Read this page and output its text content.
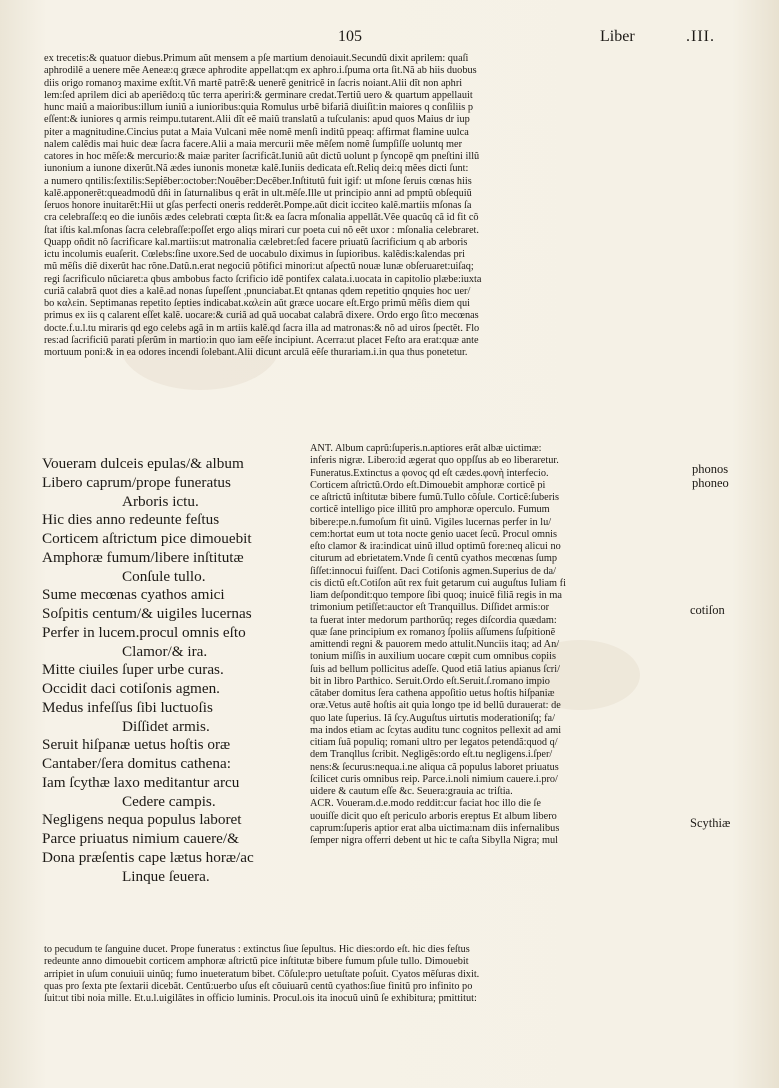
105	Liber	.III.
ex trecetis:& quatuor diebus.Primum aũt mensem a pſe martium denoiauit.Secundũ dixit aprilem: quaſi
aphrodilẽ a uenere mẽe Aeneæ:q græce aphrodite appellat:qm ex aphro.i.ſpuma orta ſit.Nã ab hiis duobus
diis origo romanoȝ maxime exſtit.Vñ martẽ patrẽ:& uenerẽ genitricẽ in ſacris noiant.Alii dĩt non aphri
lem:ſed aprilem dici ab aperiẽdo:q tũc terra aperiri:& germinare credat.Tertiũ uero & quartum appellauit
hunc maiũ a maioribus:illum iuniũ a iunioribus:quia Romulus urbẽ bifariã diuiſit:in maiores q conſiliis p
eſſent:& iuniores q armis reimpu.tutarent.Alii dĩt eẽ maiũ translatũ a tuſculanis: apud quos Maius dr iup
piter a magnitudine.Cincius putat a Maia Vulcani mẽe nomẽ menſi inditũ ppeaq: affirmat flamine uulca
nalem calẽdis mai huic deæ ſacra facere.Alii a maia mercurii mẽe mẽſem nomẽ ſumpſiſſe uoluntq mer
catores in hoc mẽſe:& mercurio:& maiæ pariter ſacrificãt.Iuniũ aũt dictũ uolunt p ſyncopẽ qm pneſtini illũ
iunonium a iunone dixerũt.Nã ædes iunonis monetæ kalẽ.Iuniis dedicata eſt.Reliq dei:q mẽes dicti ſunt:
a numero qntilis:ſextilis:Sepṫẽber:october:Nouẽber:Decẽber.Inſtitutũ fuit igif: ut mſone ſeruis cœnas hiis
kalẽ.apponerẽt:queadmodũ dñi in ſaturnalibus q erãt in ult.mẽſe.Ille ut principio anni ad pmptũ obſequiũ
ſeruos honore inuitarẽt:Hii ut gſas perfecti oneris redderẽt.Pompe.aũt dicit icciteo kalẽ.martiis mſonas ſa
cra celebraſſe:q eo die iunõis ædes celebrati cœpta ſit:& ea ſacra mſonalia appellãt.Vẽe quacũq cã id fit cõ
ſtat iſtis kal.mſonas ſacra celebraſſe:poſſet ergo aliqs mirari cur poeta cui nõ eẽt uxor : mſonalia celebraret.
Quapp oñdit nõ ſacrificare kal.martiis:ut matronalia cælebret:ſed facere priuatũ ſacrificium q ab arboris
ictu incolumis euaſerit. Cœlebs:ſine uxore.Sed de uocabulo diximus in ſupioribus. kalẽdis:kalendas pri
mũ mẽſis diẽ dixerũt hac rõne.Datũ.n.erat negociũ põtifici minori:ut aſpectũ nouæ lunæ obſeruaret:uiſaq;
regi ſacrificulo nũciaret:a qbus ambobus facto ſcrificio idẽ pontifex calata.i.uocata in capitolio plæbe:iuxta
curiã calabrã quot dies a kalẽ.ad nonas ſupeſſent ,pnunciabat.Et qntanas qdem repetitio qnquies hoc uer/
bo καλεin. Septimanas repetito ſepties indicabat.καλεin aũt græce uocare eſt.Ergo primũ mẽſis diem qui
primus ex iis q calarent eſſet kalẽ. uocare:& curiã ad quã uocabat calabrã dixere. Ordo ergo ſit:o mecœnas
docte.f.u.l.tu miraris qd ego celebs agã in m artiis kalẽ.qd ſacra illa ad matronas:& nõ ad uiros ſpectẽt. Flo
res:ad ſacrificiũ parati pſerũm in martio:in quo iam eẽſe incipiunt. Acerra:ut placet Feſto ara erat:quæ ante
mortuum poni:& in ea odores incendi ſolebant.Alii dicunt arculã eẽſe thurariam.i.in qua thus ponetetur.
Voueram dulceis epulas/& album
Libero caprum/prope funeratus
Arboris ictu.
Hic dies anno redeunte feſtus
Corticem aſtrictum pice dimouebit
Amphoræ fumum/libere inſtitutæ
Conſule tullo.
Sume mecœnas cyathos amici
Soſpitis centum/& uigiles lucernas
Perfer in lucem.procul omnis eſto
Clamor/& ira.
Mitte ciuiles ſuper urbe curas.
Occidit daci cotiſonis agmen.
Medus infeſſus ſibi luctuoſis
Diſſidet armis.
Seruit hiſpanæ uetus hoſtis oræ
Cantaber/ſera domitus cathena:
Iam ſcythæ laxo meditantur arcu
Cedere campis.
Negligens nequa populus laboret
Parce priuatus nimium cauere/&
Dona præſentis cape lætus horæ/ac
Linque ſeuera.
ANT. Album caprũ:ſuperis.n.aptiores erãt albæ uictimæ:
inferis nigræ. Libero:id ægerat quo oppſſus ab eo liberaretur.
Funeratus.Extinctus a φονος qd eſt cædes.φονὴ interfecio.
Corticem aſtrictũ.Ordo eſt.Dimouebit amphoræ corticẽ pi
ce aſtrictũ inſtitutæ bibere fumũ.Tullo cõſule. Corticẽ:ſuberis
corticẽ intelligo pice illitũ pro amphoræ operculo. Fumum
bibere:pe.n.fumoſum fit uinũ. Vigiles lucernas perfer in lu/
cem:hortat eum ut tota nocte genio uacet ſecũ. Procul omnis
eſto clamor & ira:indicat uinũ illud optimũ fore:neq alicui no
citurum ad ebrietatem.Vnde ſi centũ cyathos mecœnas ſump
ſiſſet:innocui fuiſſent. Daci Cotiſonis agmen.Superius de da/
cis dictũ eſt.Cotiſon aũt rex fuit getarum cui auguſtus Iuliam fi
liam deſpondit:quo tempore ſibi quoq; inuicẽ filiã regis in ma
trimonium petiſſet:auctor eſt Tranquillus. Diſſidet armis:or
ta fuerat inter medorum parthorũq; reges diſcordia quædam:
quæ ſane principium ex romanoȝ ſpoliis aſſumens ſuſpitionẽ
amittendi regni & pauorem medo attulit.Nunciis itaq; ad An/
tonium miſſis in auxilium uocare cœpit cum omnibus copiis
ſuis ad bellum pollicitus adeſſe. Quod etiã latius apianus ſcri/
bit in libro Parthico. Seruit.Ordo eſt.Seruit.ſ.romano impio
cãtaber domitus ſera cathena appoſitio uetus hoſtis hiſpaniæ
oræ.Vetus autẽ hoſtis ait quia longo tpe id bellũ durauerat: de
quo late ſuperius. Iã ſcy.Auguſtus uirtutis moderationiſq; fa/
ma indos etiam ac ſcytas auditu tunc cognitos pellexit ad ami
citiam ſuã populiq; romani ultro per legatos petendã:quod q/
dem Tranqllus ſcribit. Negligẽs:ordo eſt.tu negligens.i.ſper/
nens:& ſecurus:nequa.i.ne aliqua cã populus laboret priuatus
ſcilicet curis omnibus reip. Parce.i.noli nimium cauere.i.pro/
uidere & cautum eſſe &c. Seuera:grauia ac triſtia.
ACR. Voueram.d.e.modo reddit:cur faciat hoc illo die ſe
uouiſſe dicit quo eſt periculo arboris ereptus Et album libero
caprum:ſuperis aptior erat alba uictima:nam diis infernalibus
ſemper nigra offerri debent ut hic te caſta Sibylla Nigra; mul
to pecudum te ſanguine ducet. Prope funeratus : extinctus ſiue ſepultus. Hic dies:ordo eſt. hic dies feſtus
redeunte anno dimouebit corticem amphoræ aſtrictũ pice inſtitutæ bibere fumum pſule tullo. Dimouebit
arripiet in uſum conuiuii uinũq; fumo inueteratum bibet. Cõſule:pro uetuſtate poſuit. Cyatos mẽſuras dixit.
quas pro ſexta pte ſextarii dicebãt. Centũ:uerbo uſus eſt cõuiuarũ centũ cyathos:ſiue finitũ pro infinito po
ſuit:ut tibi noia mille. Et.u.l.uigilãtes in officio luminis. Procul.ois ita inocuũ uinũ ſe exhibitura; pmittitut:
phonos
phoneo
cotiſon
Scythiæ
